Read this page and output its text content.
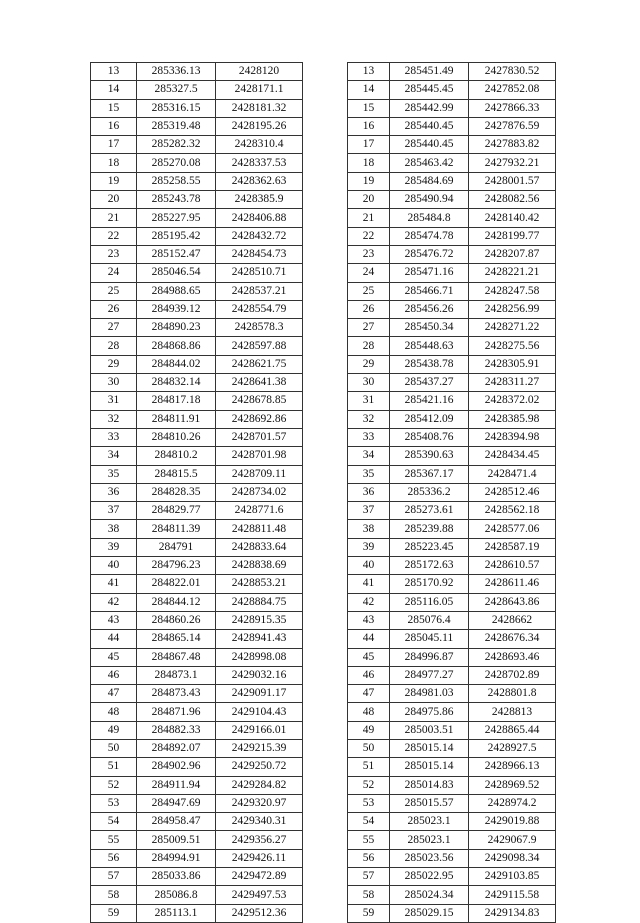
13	285336.13	2428120
14	285327.5	2428171.1
15	285316.15	2428181.32
16	285319.48	2428195.26
17	285282.32	2428310.4
18	285270.08	2428337.53
19	285258.55	2428362.63
20	285243.78	2428385.9
21	285227.95	2428406.88
22	285195.42	2428432.72
23	285152.47	2428454.73
24	285046.54	2428510.71
25	284988.65	2428537.21
26	284939.12	2428554.79
27	284890.23	2428578.3
28	284868.86	2428597.88
29	284844.02	2428621.75
30	284832.14	2428641.38
31	284817.18	2428678.85
32	284811.91	2428692.86
33	284810.26	2428701.57
34	284810.2	2428701.98
35	284815.5	2428709.11
36	284828.35	2428734.02
37	284829.77	2428771.6
38	284811.39	2428811.48
39	284791	2428833.64
40	284796.23	2428838.69
41	284822.01	2428853.21
42	284844.12	2428884.75
43	284860.26	2428915.35
44	284865.14	2428941.43
45	284867.48	2428998.08
46	284873.1	2429032.16
47	284873.43	2429091.17
48	284871.96	2429104.43
49	284882.33	2429166.01
50	284892.07	2429215.39
51	284902.96	2429250.72
52	284911.94	2429284.82
53	284947.69	2429320.97
54	284958.47	2429340.31
55	285009.51	2429356.27
56	284994.91	2429426.11
57	285033.86	2429472.89
58	285086.8	2429497.53
59	285113.1	2429512.36
13	285451.49	2427830.52
14	285445.45	2427852.08
15	285442.99	2427866.33
16	285440.45	2427876.59
17	285440.45	2427883.82
18	285463.42	2427932.21
19	285484.69	2428001.57
20	285490.94	2428082.56
21	285484.8	2428140.42
22	285474.78	2428199.77
23	285476.72	2428207.87
24	285471.16	2428221.21
25	285466.71	2428247.58
26	285456.26	2428256.99
27	285450.34	2428271.22
28	285448.63	2428275.56
29	285438.78	2428305.91
30	285437.27	2428311.27
31	285421.16	2428372.02
32	285412.09	2428385.98
33	285408.76	2428394.98
34	285390.63	2428434.45
35	285367.17	2428471.4
36	285336.2	2428512.46
37	285273.61	2428562.18
38	285239.88	2428577.06
39	285223.45	2428587.19
40	285172.63	2428610.57
41	285170.92	2428611.46
42	285116.05	2428643.86
43	285076.4	2428662
44	285045.11	2428676.34
45	284996.87	2428693.46
46	284977.27	2428702.89
47	284981.03	2428801.8
48	284975.86	2428813
49	285003.51	2428865.44
50	285015.14	2428927.5
51	285015.14	2428966.13
52	285014.83	2428969.52
53	285015.57	2428974.2
54	285023.1	2429019.88
55	285023.1	2429067.9
56	285023.56	2429098.34
57	285022.95	2429103.85
58	285024.34	2429115.58
59	285029.15	2429134.83
